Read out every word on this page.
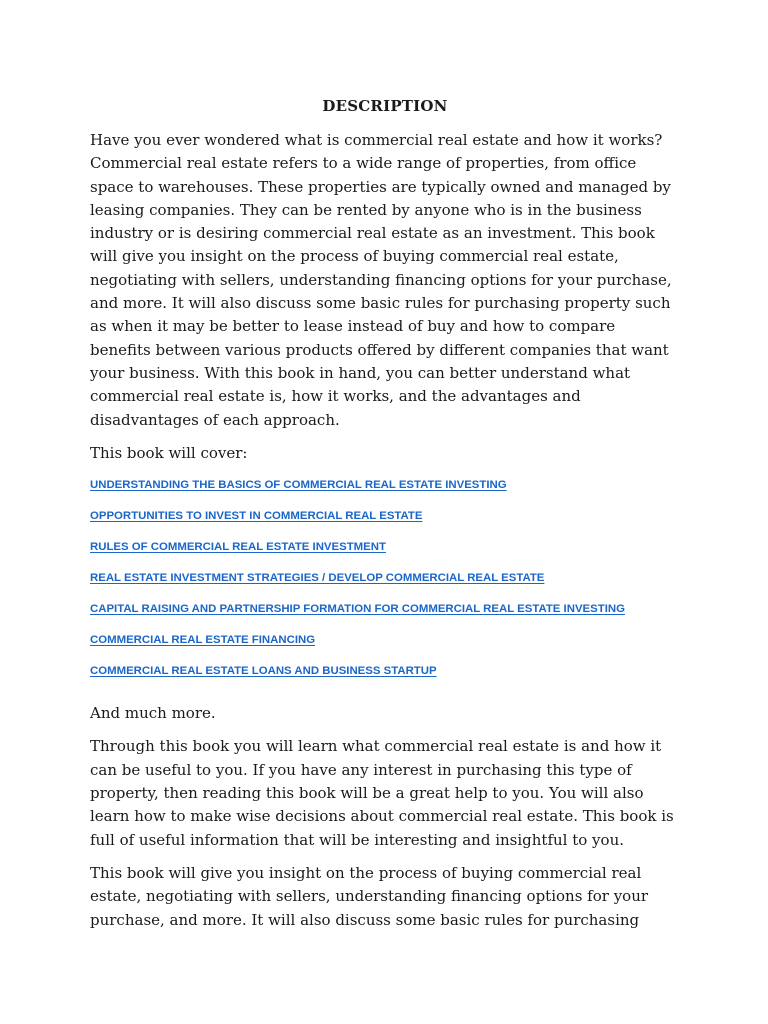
DESCRIPTION

Have you ever wondered what is commercial real estate and how it works? Commercial real estate refers to a wide range of properties, from office space to warehouses. These properties are typically owned and managed by leasing companies. They can be rented by anyone who is in the business industry or is desiring commercial real estate as an investment. This book will give you insight on the process of buying commercial real estate, negotiating with sellers, understanding financing options for your purchase, and more. It will also discuss some basic rules for purchasing property such as when it may be better to lease instead of buy and how to compare benefits between various products offered by different companies that want your business. With this book in hand, you can better understand what commercial real estate is, how it works, and the advantages and disadvantages of each approach.

This book will cover:

UNDERSTANDING THE BASICS OF COMMERCIAL REAL ESTATE INVESTING
OPPORTUNITIES TO INVEST IN COMMERCIAL REAL ESTATE
RULES OF COMMERCIAL REAL ESTATE INVESTMENT
REAL ESTATE INVESTMENT STRATEGIES / DEVELOP COMMERCIAL REAL ESTATE
CAPITAL RAISING AND PARTNERSHIP FORMATION FOR COMMERCIAL REAL ESTATE INVESTING
COMMERCIAL REAL ESTATE FINANCING
COMMERCIAL REAL ESTATE LOANS AND BUSINESS STARTUP

And much more.

Through this book you will learn what commercial real estate is and how it can be useful to you. If you have any interest in purchasing this type of property, then reading this book will be a great help to you. You will also learn how to make wise decisions about commercial real estate. This book is full of useful information that will be interesting and insightful to you.

This book will give you insight on the process of buying commercial real estate, negotiating with sellers, understanding financing options for your purchase, and more. It will also discuss some basic rules for purchasing
